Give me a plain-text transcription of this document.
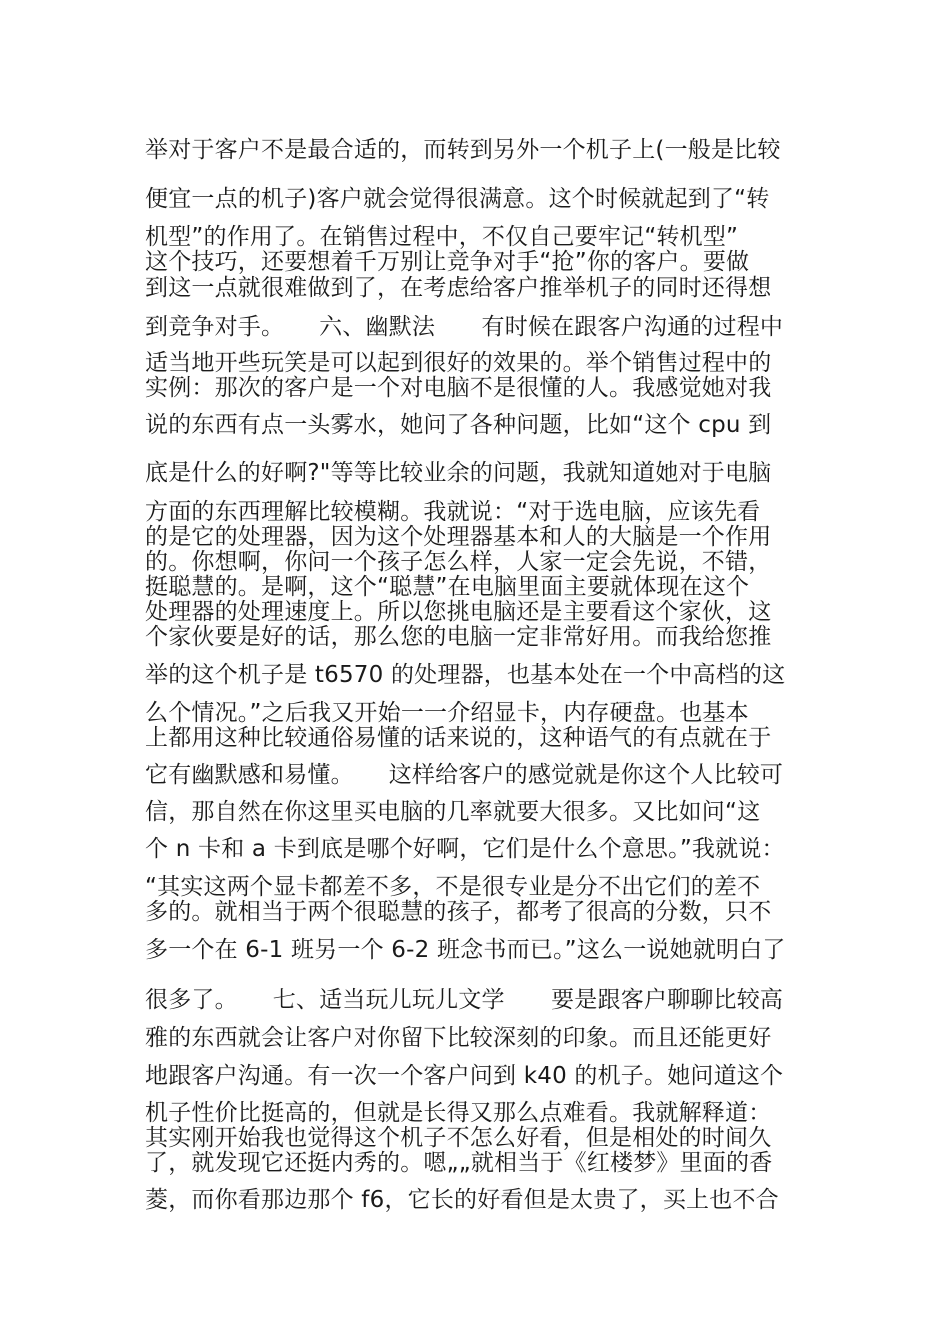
举对于客户不是最合适的，而转到另外一个机子上(一般是比较
便宜一点的机子)客户就会觉得很满意。这个时候就起到了“转
机型”的作用了。在销售过程中，不仅自己要牢记“转机型”
这个技巧，还要想着千万别让竞争对手“抢”你的客户。要做
到这一点就很难做到了，在考虑给客户推举机子的同时还得想
到竞争对手。　　六、幽默法　　有时候在跟客户沟通的过程中
适当地开些玩笑是可以起到很好的效果的。举个销售过程中的
实例：那次的客户是一个对电脑不是很懂的人。我感觉她对我
说的东西有点一头雾水，她问了各种问题，比如“这个 cpu 到
底是什么的好啊?"等等比较业余的问题，我就知道她对于电脑
方面的东西理解比较模糊。我就说：“对于选电脑，应该先看
的是它的处理器，因为这个处理器基本和人的大脑是一个作用
的。你想啊，你问一个孩子怎么样，人家一定会先说，不错，
挺聪慧的。是啊，这个“聪慧”在电脑里面主要就体现在这个
处理器的处理速度上。所以您挑电脑还是主要看这个家伙，这
个家伙要是好的话，那么您的电脑一定非常好用。而我给您推
举的这个机子是 t6570 的处理器，也基本处在一个中高档的这
么个情况。”之后我又开始一一介绍显卡，内存硬盘。也基本
上都用这种比较通俗易懂的话来说的，这种语气的有点就在于
它有幽默感和易懂。　　这样给客户的感觉就是你这个人比较可
信，那自然在你这里买电脑的几率就要大很多。又比如问“这
个 n 卡和 a 卡到底是哪个好啊，它们是什么个意思。”我就说：
“其实这两个显卡都差不多，不是很专业是分不出它们的差不
多的。就相当于两个很聪慧的孩子，都考了很高的分数，只不
多一个在 6-1 班另一个 6-2 班念书而已。”这么一说她就明白了
很多了。　　七、适当玩儿玩儿文学　　要是跟客户聊聊比较高
雅的东西就会让客户对你留下比较深刻的印象。而且还能更好
地跟客户沟通。有一次一个客户问到 k40 的机子。她问道这个
机子性价比挺高的，但就是长得又那么点难看。我就解释道：
其实刚开始我也觉得这个机子不怎么好看，但是相处的时间久
了，就发现它还挺内秀的。嗯„„就相当于《红楼梦》里面的香
菱，而你看那边那个 f6，它长的好看但是太贵了，买上也不合
